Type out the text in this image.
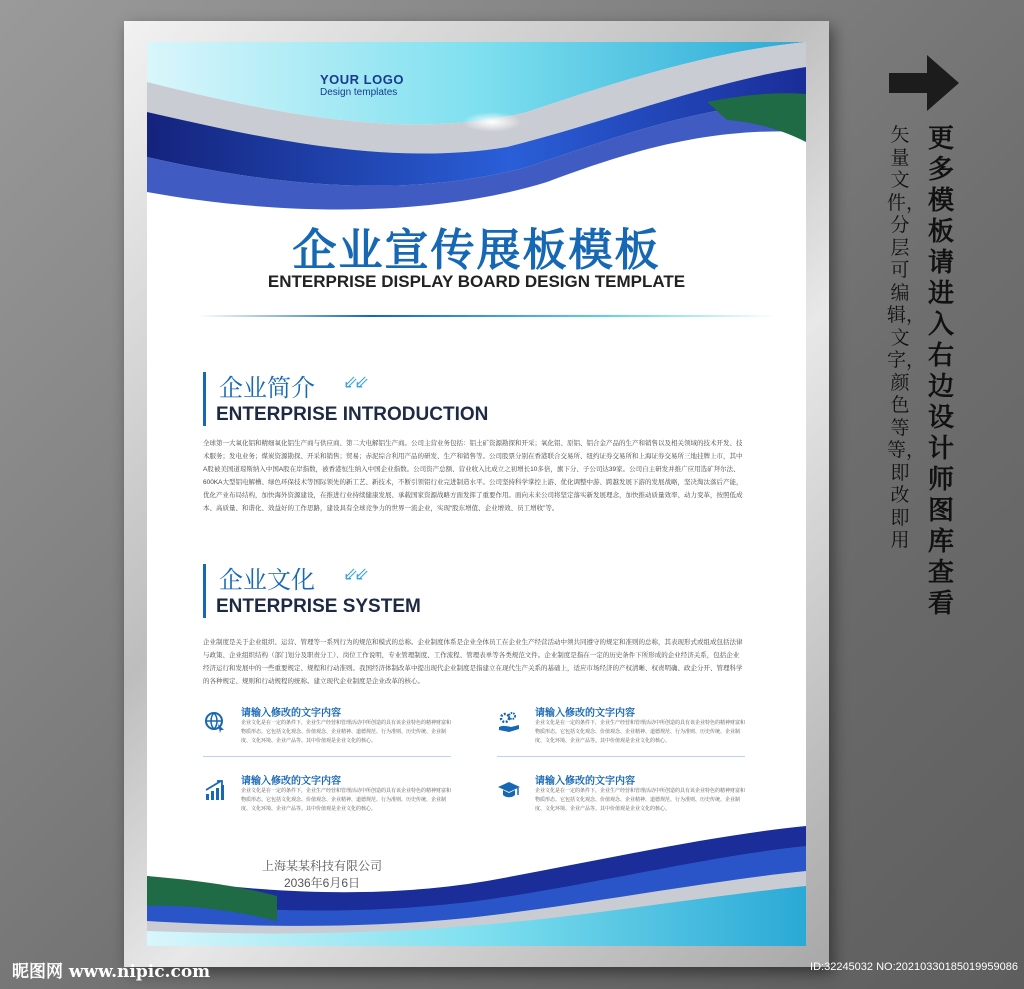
YOUR LOGO
Design templates
企业宣传展板模板
ENTERPRISE DISPLAY BOARD DESIGN TEMPLATE
企业简介 ⇙⇙
ENTERPRISE INTRODUCTION
全球第一大氧化铝和精细氧化铝生产商与供应商、第二大电解铝生产商。公司主营业务包括：铝土矿资源勘探和开采；氧化铝、原铝、铝合金产品的生产和销售以及相关领域的技术开发、技术服务；发电业务；煤炭资源勘探、开采和销售；贸易；赤泥综合利用产品的研发、生产和销售等。公司股票分别在香港联合交易所、纽约证券交易所和上海证券交易所三地挂牌上市，其中A股被美国道琼斯纳入中国A股在岸指数，被香港恒生纳入中国企业指数。公司资产总额、营业收入比成立之初增长10多倍，旗下分、子公司达39家。公司自主研发并推广应用选矿拜尔法、600KA大型铝电解槽、绿色环保技术等国际领先的新工艺、新技术，不断引领铝行业完进制造水平。公司坚持科学掌控上游、优化调整中游、跨越发展下游的发展战略，坚决淘汰落后产能，优化产业布局结构，加快海外资源建设，在推进行业持续健康发展、承载国家资源战略方面发挥了重要作用。面向未来公司将坚定落实新发展理念，加快推动质量效率、动力变革，按照低成本、高质量、和谐化、效益好的工作思路，建设具有全球竞争力的世界一流企业，实现“股东增值、企业增效、员工增收”等。
企业文化 ⇙⇙
ENTERPRISE SYSTEM
企业制度是关于企业组织、运营、管理等一系列行为的规范和模式的总称。企业制度体系是企业全体员工在企业生产经营活动中须共同遵守的规定和准则的总称，其表现形式或组成包括法律与政策、企业组织结构（部门划分及职责分工）、岗位工作说明，专业管理制度、工作流程、管理表单等各类规范文件。企业制度是指在一定的历史条件下所形成的企业经济关系，包括企业经济运行和发展中的一些重要规定、规程和行动准则。我国经济体制改革中提出现代企业制度是指建立在现代生产关系的基础上，适应市场经济的产权清晰、权责明确、政企分开、管理科学的各种规定、规则和行动规程的统称。建立现代企业制度是企业改革的核心。
请输入修改的文字内容
企业文化是在一定的条件下，企业生产经营和管理活动中所创造的具有该企业特色的精神财富和物质形态。它包括文化观念、价值观念、企业精神、道德规范、行为准则、历史传统、企业制度、文化环境、企业产品等。其中价值观是企业文化的核心。
请输入修改的文字内容
企业文化是在一定的条件下，企业生产经营和管理活动中所创造的具有该企业特色的精神财富和物质形态。它包括文化观念、价值观念、企业精神、道德规范、行为准则、历史传统、企业制度、文化环境、企业产品等。其中价值观是企业文化的核心。
请输入修改的文字内容
企业文化是在一定的条件下，企业生产经营和管理活动中所创造的具有该企业特色的精神财富和物质形态。它包括文化观念、价值观念、企业精神、道德规范、行为准则、历史传统、企业制度、文化环境、企业产品等。其中价值观是企业文化的核心。
请输入修改的文字内容
企业文化是在一定的条件下，企业生产经营和管理活动中所创造的具有该企业特色的精神财富和物质形态。它包括文化观念、价值观念、企业精神、道德规范、行为准则、历史传统、企业制度、文化环境、企业产品等。其中价值观是企业文化的核心。
上海某某科技有限公司
2036年6月6日
更多模板请进入右边设计师图库查看
矢量文件，分层可编辑，文字，颜色等等，即改即用
昵图网 www.nipic.com	ID:32245032 NO:20210330185019959086
